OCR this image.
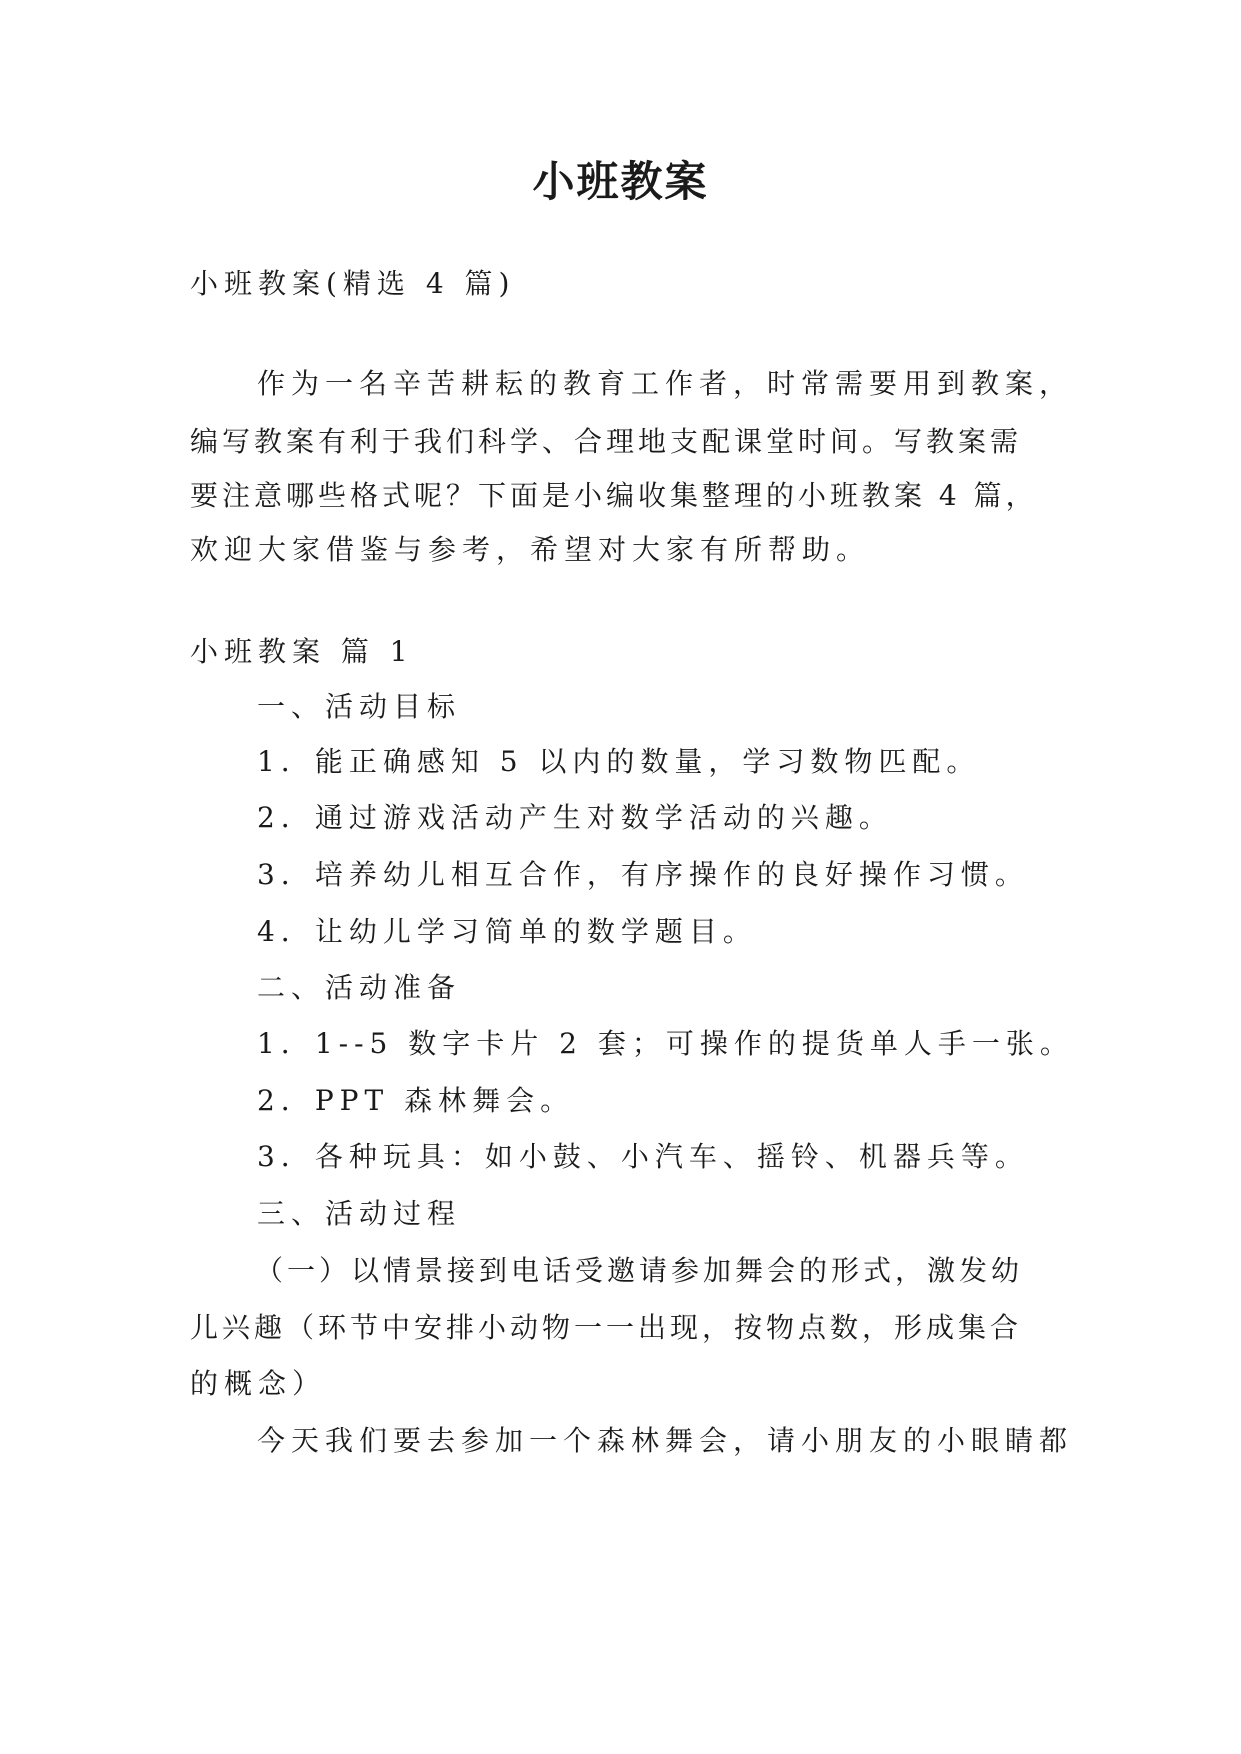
小班教案
小班教案(精选 4 篇)
作为一名辛苦耕耘的教育工作者，时常需要用到教案，
编写教案有利于我们科学、合理地支配课堂时间。写教案需
要注意哪些格式呢？下面是小编收集整理的小班教案 4 篇，
欢迎大家借鉴与参考，希望对大家有所帮助。
小班教案 篇 1
一、活动目标
1．能正确感知 5 以内的数量，学习数物匹配。
2．通过游戏活动产生对数学活动的兴趣。
3．培养幼儿相互合作，有序操作的良好操作习惯。
4．让幼儿学习简单的数学题目。
二、活动准备
1．1--5 数字卡片 2 套；可操作的提货单人手一张。
2．PPT 森林舞会。
3．各种玩具：如小鼓、小汽车、摇铃、机器兵等。
三、活动过程
（一）以情景接到电话受邀请参加舞会的形式，激发幼
儿兴趣（环节中安排小动物一一出现，按物点数，形成集合
的概念）
今天我们要去参加一个森林舞会，请小朋友的小眼睛都
